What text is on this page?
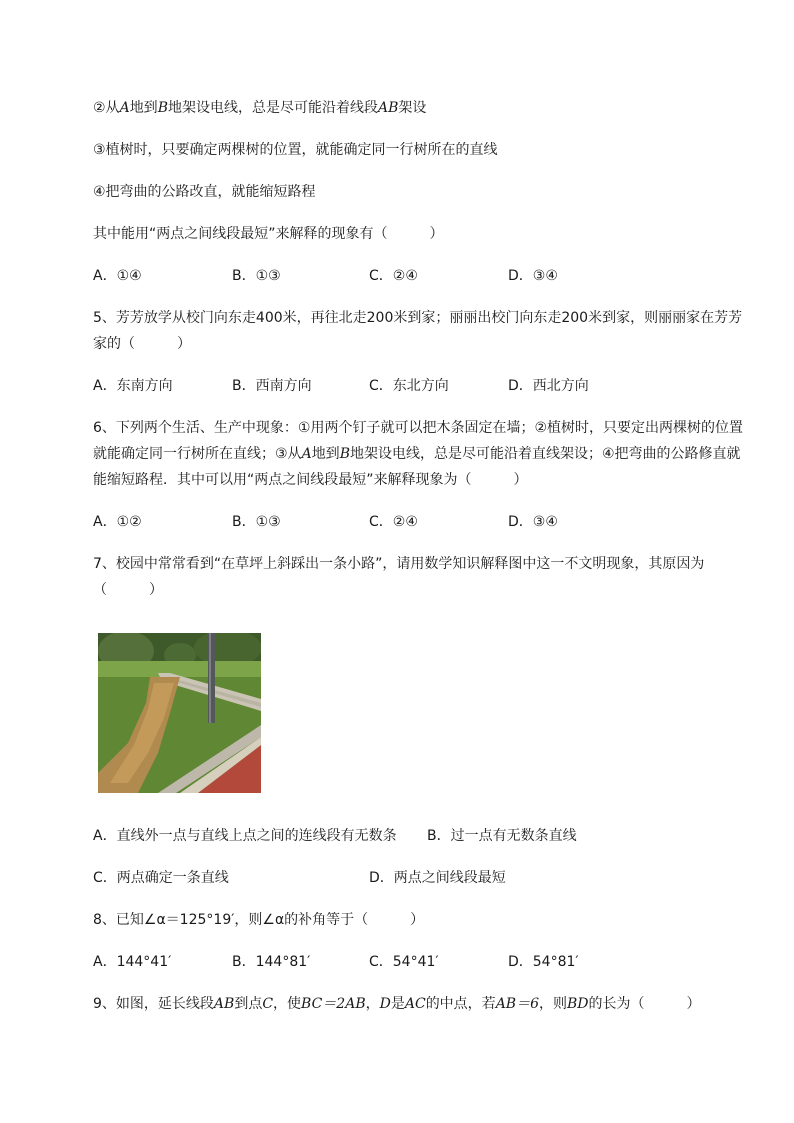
②从A地到B地架设电线，总是尽可能沿着线段AB架设
③植树时，只要确定两棵树的位置，就能确定同一行树所在的直线
④把弯曲的公路改直，就能缩短路程
其中能用“两点之间线段最短”来解释的现象有（　　　）
A．①④	B．①③	C．②④	D．③④
5、芳芳放学从校门向东走400米，再往北走200米到家；丽丽出校门向东走200米到家，则丽丽家在芳芳家的（　　　）
A．东南方向	B．西南方向	C．东北方向	D．西北方向
6、下列两个生活、生产中现象：①用两个钉子就可以把木条固定在墙；②植树时，只要定出两棵树的位置就能确定同一行树所在直线；③从A地到B地架设电线，总是尽可能沿着直线架设；④把弯曲的公路修直就能缩短路程．其中可以用“两点之间线段最短”来解释现象为（　　　）
A．①②	B．①③	C．②④	D．③④
7、校园中常常看到“在草坪上斜踩出一条小路”，请用数学知识解释图中这一不文明现象，其原因为（　　　）
A．直线外一点与直线上点之间的连线段有无数条 B．过一点有无数条直线
C．两点确定一条直线	D．两点之间线段最短
8、已知∠α＝125°19′，则∠α的补角等于（　　　）
A．144°41′	B．144°81′	C．54°41′	D．54°81′
9、如图，延长线段AB到点C，使BC＝2AB，D是AC的中点，若AB＝6，则BD的长为（　　　）
